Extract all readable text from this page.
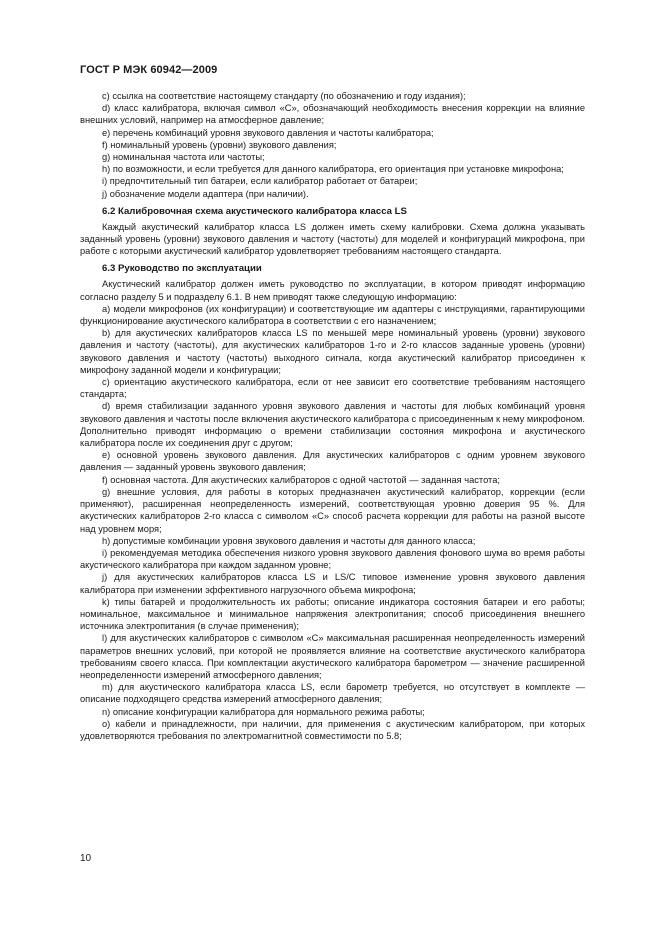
ГОСТ Р МЭК 60942—2009
c) ссылка на соответствие настоящему стандарту (по обозначению и году издания);
d) класс калибратора, включая символ «C», обозначающий необходимость внесения коррекции на влияние внешних условий, например на атмосферное давление;
e) перечень комбинаций уровня звукового давления и частоты калибратора;
f) номинальный уровень (уровни) звукового давления;
g) номинальная частота или частоты;
h) по возможности, и если требуется для данного калибратора, его ориентация при установке микрофона;
i) предпочтительный тип батареи, если калибратор работает от батареи;
j) обозначение модели адаптера (при наличии).
6.2 Калибровочная схема акустического калибратора класса LS
Каждый акустический калибратор класса LS должен иметь схему калибровки. Схема должна указывать заданный уровень (уровни) звукового давления и частоту (частоты) для моделей и конфигураций микрофона, при работе с которыми акустический калибратор удовлетворяет требованиям настоящего стандарта.
6.3 Руководство по эксплуатации
Акустический калибратор должен иметь руководство по эксплуатации, в котором приводят информацию согласно разделу 5 и подразделу 6.1. В нем приводят также следующую информацию:
a) модели микрофонов (их конфигурации) и соответствующие им адаптеры с инструкциями, гарантирующими функционирование акустического калибратора в соответствии с его назначением;
b) для акустических калибраторов класса LS по меньшей мере номинальный уровень (уровни) звукового давления и частоту (частоты), для акустических калибраторов 1-го и 2-го классов заданные уровень (уровни) звукового давления и частоту (частоты) выходного сигнала, когда акустический калибратор присоединен к микрофону заданной модели и конфигурации;
c) ориентацию акустического калибратора, если от нее зависит его соответствие требованиям настоящего стандарта;
d) время стабилизации заданного уровня звукового давления и частоты для любых комбинаций уровня звукового давления и частоты после включения акустического калибратора с присоединенным к нему микрофоном. Дополнительно приводят информацию о времени стабилизации состояния микрофона и акустического калибратора после их соединения друг с другом;
e) основной уровень звукового давления. Для акустических калибраторов с одним уровнем звукового давления — заданный уровень звукового давления;
f) основная частота. Для акустических калибраторов с одной частотой — заданная частота;
g) внешние условия, для работы в которых предназначен акустический калибратор, коррекции (если применяют), расширенная неопределенность измерений, соответствующая уровню доверия 95 %. Для акустических калибраторов 2-го класса с символом «C» способ расчета коррекции для работы на разной высоте над уровнем моря;
h) допустимые комбинации уровня звукового давления и частоты для данного класса;
i) рекомендуемая методика обеспечения низкого уровня звукового давления фонового шума во время работы акустического калибратора при каждом заданном уровне;
j) для акустических калибраторов класса LS и LS/C типовое изменение уровня звукового давления калибратора при изменении эффективного нагрузочного объема микрофона;
k) типы батарей и продолжительность их работы; описание индикатора состояния батареи и его работы; номинальное, максимальное и минимальное напряжения электропитания; способ присоединения внешнего источника электропитания (в случае применения);
l) для акустических калибраторов с символом «C» максимальная расширенная неопределенность измерений параметров внешних условий, при которой не проявляется влияние на соответствие акустического калибратора требованиям своего класса. При комплектации акустического калибратора барометром — значение расширенной неопределенности измерений атмосферного давления;
m) для акустического калибратора класса LS, если барометр требуется, но отсутствует в комплекте — описание подходящего средства измерений атмосферного давления;
n) описание конфигурации калибратора для нормального режима работы;
o) кабели и принадлежности, при наличии, для применения с акустическим калибратором, при которых удовлетворяются требования по электромагнитной совместимости по 5.8;
10
